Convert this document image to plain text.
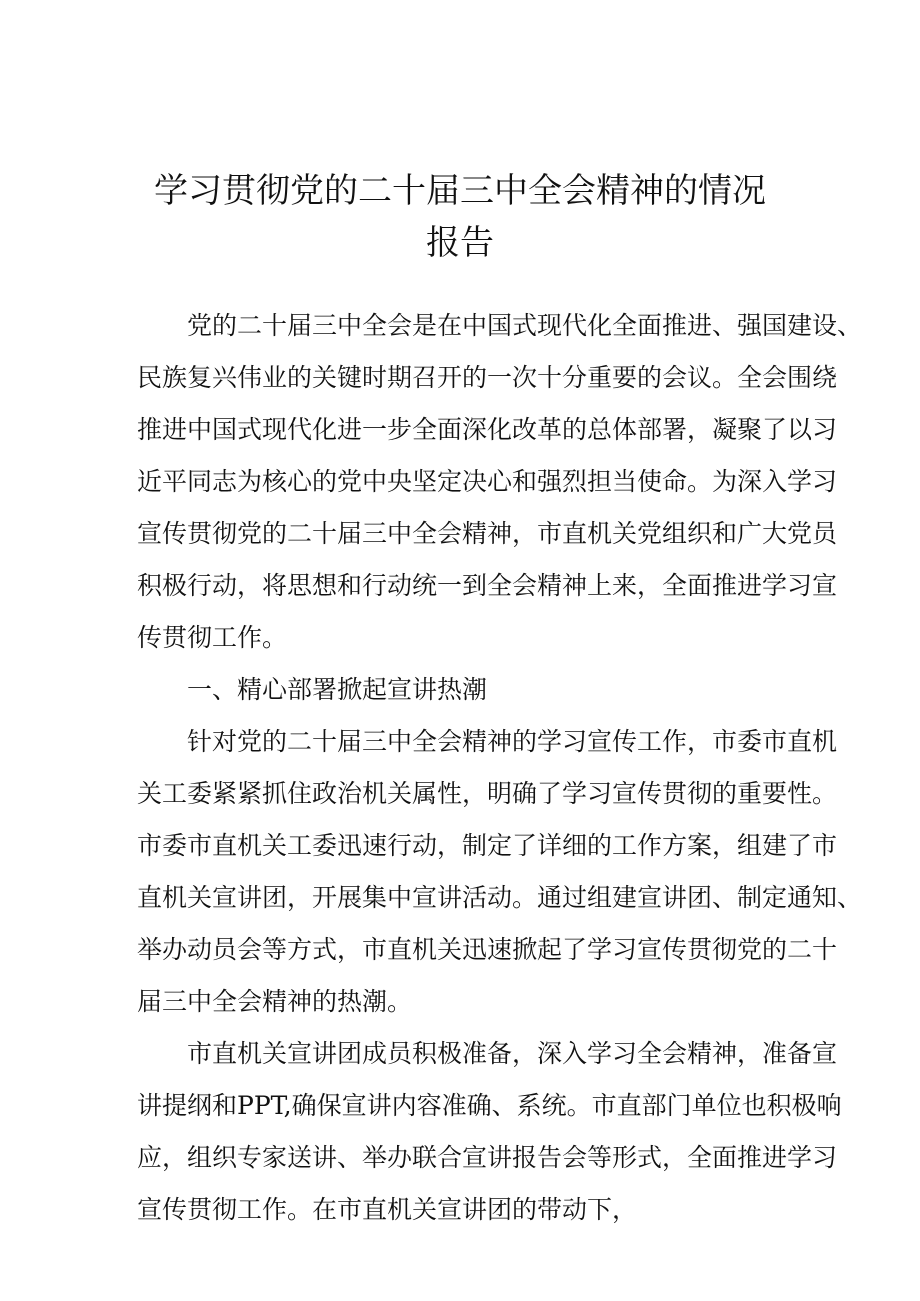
学习贯彻党的二十届三中全会精神的情况
报告
党的二十届三中全会是在中国式现代化全面推进、强国建设、
民族复兴伟业的关键时期召开的一次十分重要的会议。全会围绕
推进中国式现代化进一步全面深化改革的总体部署，凝聚了以习
近平同志为核心的党中央坚定决心和强烈担当使命。为深入学习
宣传贯彻党的二十届三中全会精神，市直机关党组织和广大党员
积极行动，将思想和行动统一到全会精神上来，全面推进学习宣
传贯彻工作。
一、精心部署掀起宣讲热潮
针对党的二十届三中全会精神的学习宣传工作，市委市直机
关工委紧紧抓住政治机关属性，明确了学习宣传贯彻的重要性。
市委市直机关工委迅速行动，制定了详细的工作方案，组建了市
直机关宣讲团，开展集中宣讲活动。通过组建宣讲团、制定通知、
举办动员会等方式，市直机关迅速掀起了学习宣传贯彻党的二十
届三中全会精神的热潮。
市直机关宣讲团成员积极准备，深入学习全会精神，准备宣
讲提纲和PPT,确保宣讲内容准确、系统。市直部门单位也积极响
应，组织专家送讲、举办联合宣讲报告会等形式，全面推进学习
宣传贯彻工作。在市直机关宣讲团的带动下，
